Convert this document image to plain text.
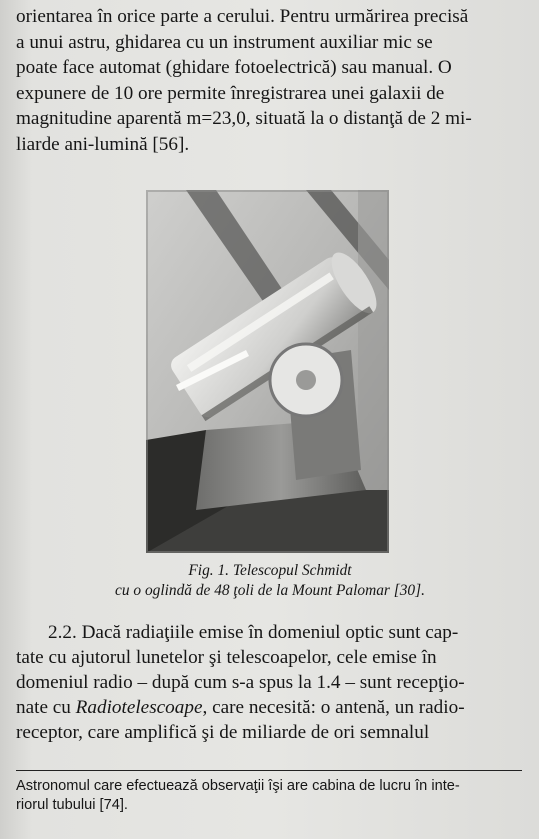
orientarea în orice parte a cerului. Pentru urmărirea precisă
a unui astru, ghidarea cu un instrument auxiliar mic se
poate face automat (ghidare fotoelectrică) sau manual. O
expunere de 10 ore permite înregistrarea unei galaxii de
magnitudine aparentă m=23,0, situată la o distanţă de 2 mi-
liarde ani-lumină [56].
Fig. 1. Telescopul Schmidt
cu o oglindă de 48 ţoli de la Mount Palomar [30].
2.2. Dacă radiaţiile emise în domeniul optic sunt cap-
tate cu ajutorul lunetelor şi telescoapelor, cele emise în
domeniul radio – după cum s-a spus la 1.4 – sunt recepţio-
nate cu Radiotelescoape, care necesită: o antenă, un radio-
receptor, care amplifică şi de miliarde de ori semnalul
Astronomul care efectuează observaţii îşi are cabina de lucru în inte-
riorul tubului [74].
